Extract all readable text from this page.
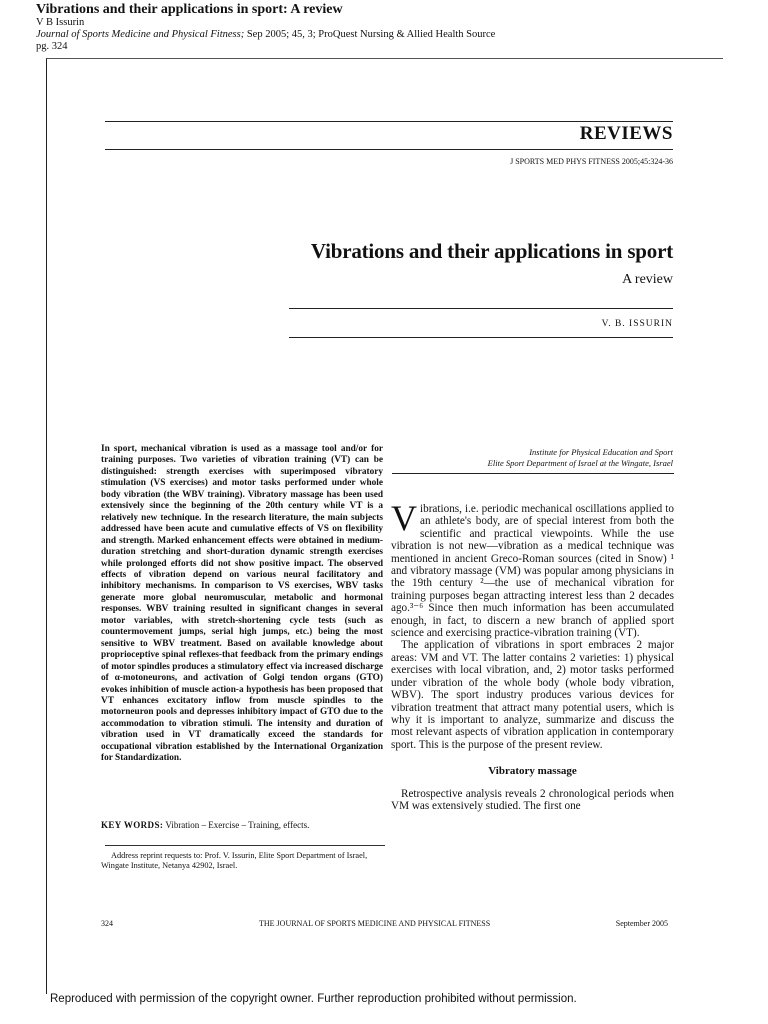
Vibrations and their applications in sport: A review
V B Issurin
Journal of Sports Medicine and Physical Fitness; Sep 2005; 45, 3; ProQuest Nursing & Allied Health Source
pg. 324
REVIEWS
J SPORTS MED PHYS FITNESS 2005;45:324-36
Vibrations and their applications in sport
A review
V. B. ISSURIN

In sport, mechanical vibration is used as a massage tool and/or for training purposes. Two varieties of vibration training (VT) can be distinguished: strength exercises with superimposed vibratory stimulation (VS exercises) and motor tasks performed under whole body vibration (the WBV training). Vibratory massage has been used extensively since the beginning of the 20th century while VT is a relatively new technique. In the research literature, the main subjects addressed have been acute and cumulative effects of VS on flexibility and strength. Marked enhancement effects were obtained in medium-duration stretching and short-duration dynamic strength exercises while prolonged efforts did not show positive impact. The observed effects of vibration depend on various neural facilitatory and inhibitory mechanisms. In comparison to VS exercises, WBV tasks generate more global neuromuscular, metabolic and hormonal responses. WBV training resulted in significant changes in several motor variables, with stretch-shortening cycle tests (such as countermovement jumps, serial high jumps, etc.) being the most sensitive to WBV treatment. Based on available knowledge about proprioceptive spinal reflexes-that feedback from the primary endings of motor spindles produces a stimulatory effect via increased discharge of α-motoneurons, and activation of Golgi tendon organs (GTO) evokes inhibition of muscle action-a hypothesis has been proposed that VT enhances excitatory inflow from muscle spindles to the motorneuron pools and depresses inhibitory impact of GTO due to the accommodation to vibration stimuli. The intensity and duration of vibration used in VT dramatically exceed the standards for occupational vibration established by the International Organization for Standardization.

KEY WORDS: Vibration – Exercise – Training, effects.
Address reprint requests to: Prof. V. Issurin, Elite Sport Department of Israel, Wingate Institute, Netanya 42902, Israel.
Institute for Physical Education and Sport
Elite Sport Department of Israel at the Wingate, Israel

Vibrations, i.e. periodic mechanical oscillations applied to an athlete's body, are of special interest from both the scientific and practical viewpoints. While the use vibration is not new—vibration as a medical technique was mentioned in ancient Greco-Roman sources (cited in Snow) ¹ and vibratory massage (VM) was popular among physicians in the 19th century ²—the use of mechanical vibration for training purposes began attracting interest less than 2 decades ago.³⁻⁶ Since then much information has been accumulated enough, in fact, to discern a new branch of applied sport science and exercising practice-vibration training (VT).

The application of vibrations in sport embraces 2 major areas: VM and VT. The latter contains 2 varieties: 1) physical exercises with local vibration, and, 2) motor tasks performed under vibration of the whole body (whole body vibration, WBV). The sport industry produces various devices for vibration treatment that attract many potential users, which is why it is important to analyze, summarize and discuss the most relevant aspects of vibration application in contemporary sport. This is the purpose of the present review.

Vibratory massage

Retrospective analysis reveals 2 chronological periods when VM was extensively studied. The first one

324	THE JOURNAL OF SPORTS MEDICINE AND PHYSICAL FITNESS	September 2005
Reproduced with permission of the copyright owner. Further reproduction prohibited without permission.
